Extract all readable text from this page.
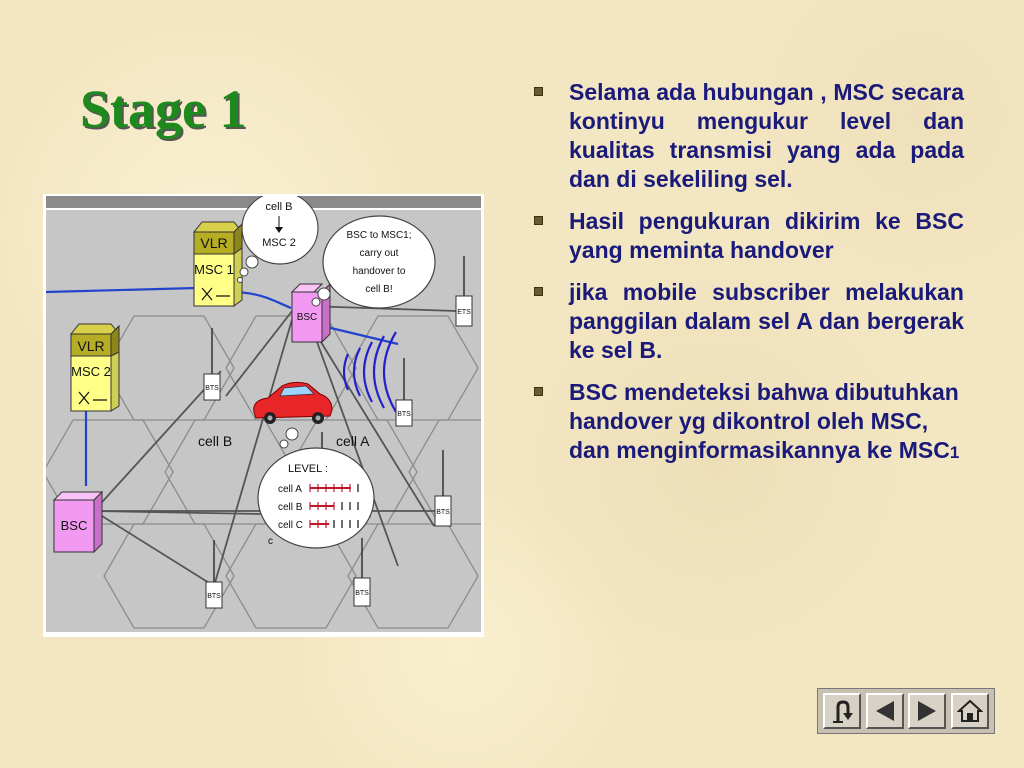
Stage 1
VLR
MSC 1
VLR
MSC 2
BSC
BSC
BTS
BTS
BTS
BTS	BTS
ETS
cell B
MSC 2
BSC to MSC1;
carry out
handover to
cell B!
cell B	cell A
LEVEL :
cell A
cell B
cell C
c
Selama ada hubungan , MSC secara kontinyu mengukur level dan kualitas transmisi yang ada pada dan di sekeliling sel.
Hasil pengukuran dikirim ke BSC yang meminta handover
jika mobile subscriber melakukan panggilan dalam sel A dan bergerak ke sel B.
BSC mendeteksi bahwa dibutuhkan handover yg dikontrol oleh MSC, dan menginformasikannya ke MSC1
